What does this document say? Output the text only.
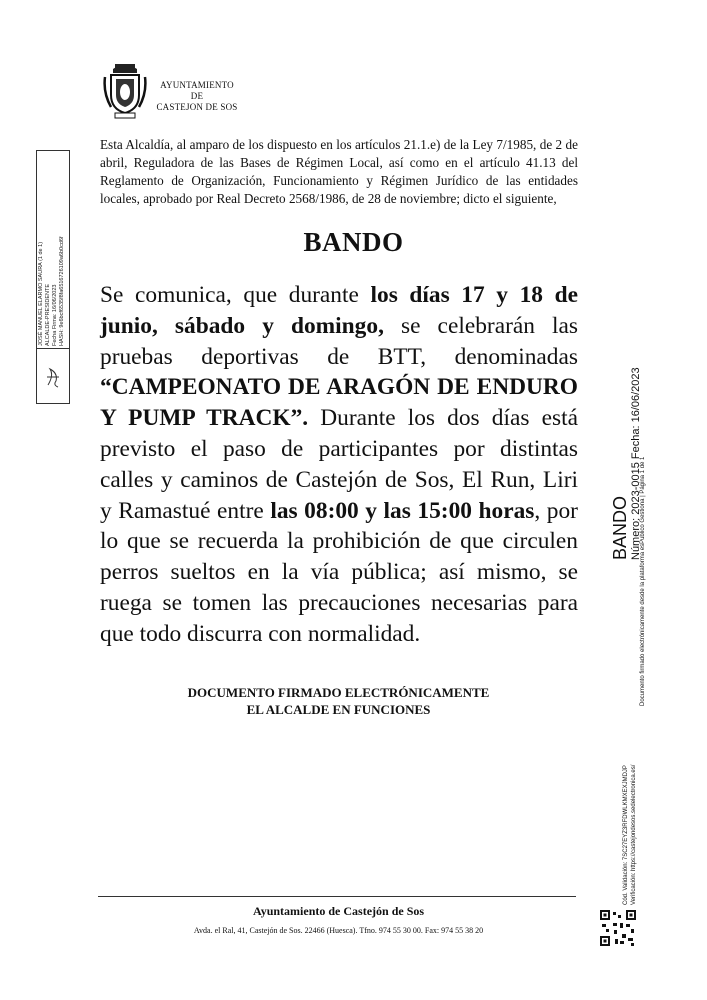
AYUNTAMIENTO
DE
CASTEJON DE SOS
Esta Alcaldía, al amparo de los dispuesto en los artículos 21.1.e) de la Ley 7/1985, de 2 de abril, Reguladora de las Bases de Régimen Local, así como en el artículo 41.13 del Reglamento de Organización, Funcionamiento y Régimen Jurídico de las entidades locales, aprobado por Real Decreto 2568/1986, de 28 de noviembre; dicto el siguiente,
BANDO
Se comunica, que durante los días 17 y 18 de junio, sábado y domingo, se celebrarán las pruebas deportivas de BTT, denominadas “CAMPEONATO DE ARAGÓN DE ENDURO Y PUMP TRACK”. Durante los dos días está previsto el paso de participantes por distintas calles y caminos de Castejón de Sos, El Run, Liri y Ramastué entre las 08:00 y las 15:00 horas, por lo que se recuerda la prohibición de que circulen perros sueltos en la vía pública; así mismo, se ruega se tomen las precauciones necesarias para que todo discurra con normalidad.
DOCUMENTO FIRMADO ELECTRÓNICAMENTE
EL ALCALDE EN FUNCIONES
Ayuntamiento de Castejón de Sos
Avda. el Ral, 41, Castejón de Sos. 22466 (Huesca). Tfno. 974 55 30 00. Fax: 974 55 38 20
JOSÉ MANUEL ELARMO SAURA (1 de 1) ALCALDE-PRESIDENTE Fecha Firma: 16/06/2023 HASH: 9e6bcf6535f8fa6516726109a6b0cd6f
BANDO Número: 2023-0015 Fecha: 16/06/2023
Documento firmado electrónicamente desde la plataforma esPublico Gestiona | Página 1 de 1
Cód. Validación: 7SC27EYZ3RFDWLKMXEXJMDJP Verificación: https://castejondesos.sedelectronica.es/
